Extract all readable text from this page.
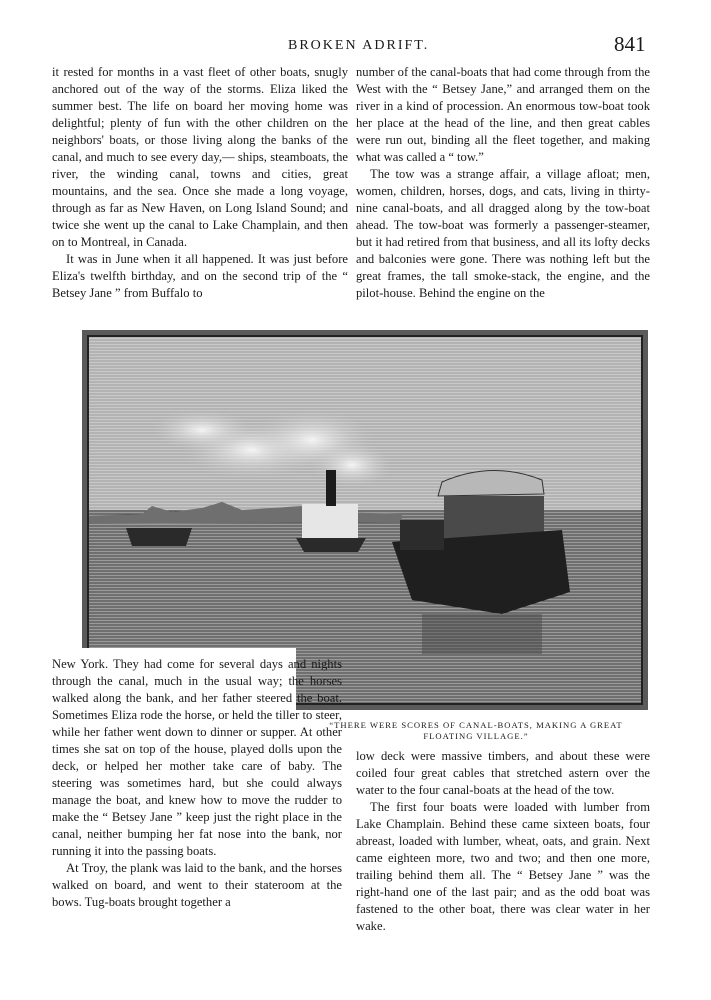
BROKEN ADRIFT.	841

it rested for months in a vast fleet of other boats, snugly anchored out of the way of the storms. Eliza liked the summer best. The life on board her moving home was delightful; plenty of fun with the other children on the neighbors' boats, or those living along the banks of the canal, and much to see every day,— ships, steamboats, the river, the winding canal, towns and cities, great mountains, and the sea. Once she made a long voyage, through as far as New Haven, on Long Island Sound; and twice she went up the canal to Lake Champlain, and then on to Montreal, in Canada.

It was in June when it all happened. It was just before Eliza's twelfth birthday, and on the second trip of the “ Betsey Jane ” from Buffalo to

number of the canal-boats that had come through from the West with the “ Betsey Jane,” and arranged them on the river in a kind of procession. An enormous tow-boat took her place at the head of the line, and then great cables were run out, binding all the fleet together, and making what was called a “ tow.”

The tow was a strange affair, a village afloat; men, women, children, horses, dogs, and cats, living in thirty-nine canal-boats, and all dragged along by the tow-boat ahead. The tow-boat was formerly a passenger-steamer, but it had retired from that business, and all its lofty decks and balconies were gone. There was nothing left but the great frames, the tall smoke-stack, the engine, and the pilot-house. Behind the engine on the

“THERE WERE SCORES OF CANAL-BOATS, MAKING A GREAT
FLOATING VILLAGE.”

New York. They had come for several days and nights through the canal, much in the usual way; the horses walked along the bank, and her father steered the boat. Sometimes Eliza rode the horse, or held the tiller to steer, while her father went down to dinner or supper. At other times she sat on top of the house, played dolls upon the deck, or helped her mother take care of baby. The steering was sometimes hard, but she could always manage the boat, and knew how to move the rudder to make the “ Betsey Jane ” keep just the right place in the canal, neither bumping her fat nose into the bank, nor running it into the passing boats.

At Troy, the plank was laid to the bank, and the horses walked on board, and went to their stateroom at the bows. Tug-boats brought together a

low deck were massive timbers, and about these were coiled four great cables that stretched astern over the water to the four canal-boats at the head of the tow.

The first four boats were loaded with lumber from Lake Champlain. Behind these came sixteen boats, four abreast, loaded with lumber, wheat, oats, and grain. Next came eighteen more, two and two; and then one more, trailing behind them all. The “ Betsey Jane ” was the right-hand one of the last pair; and as the odd boat was fastened to the other boat, there was clear water in her wake.
